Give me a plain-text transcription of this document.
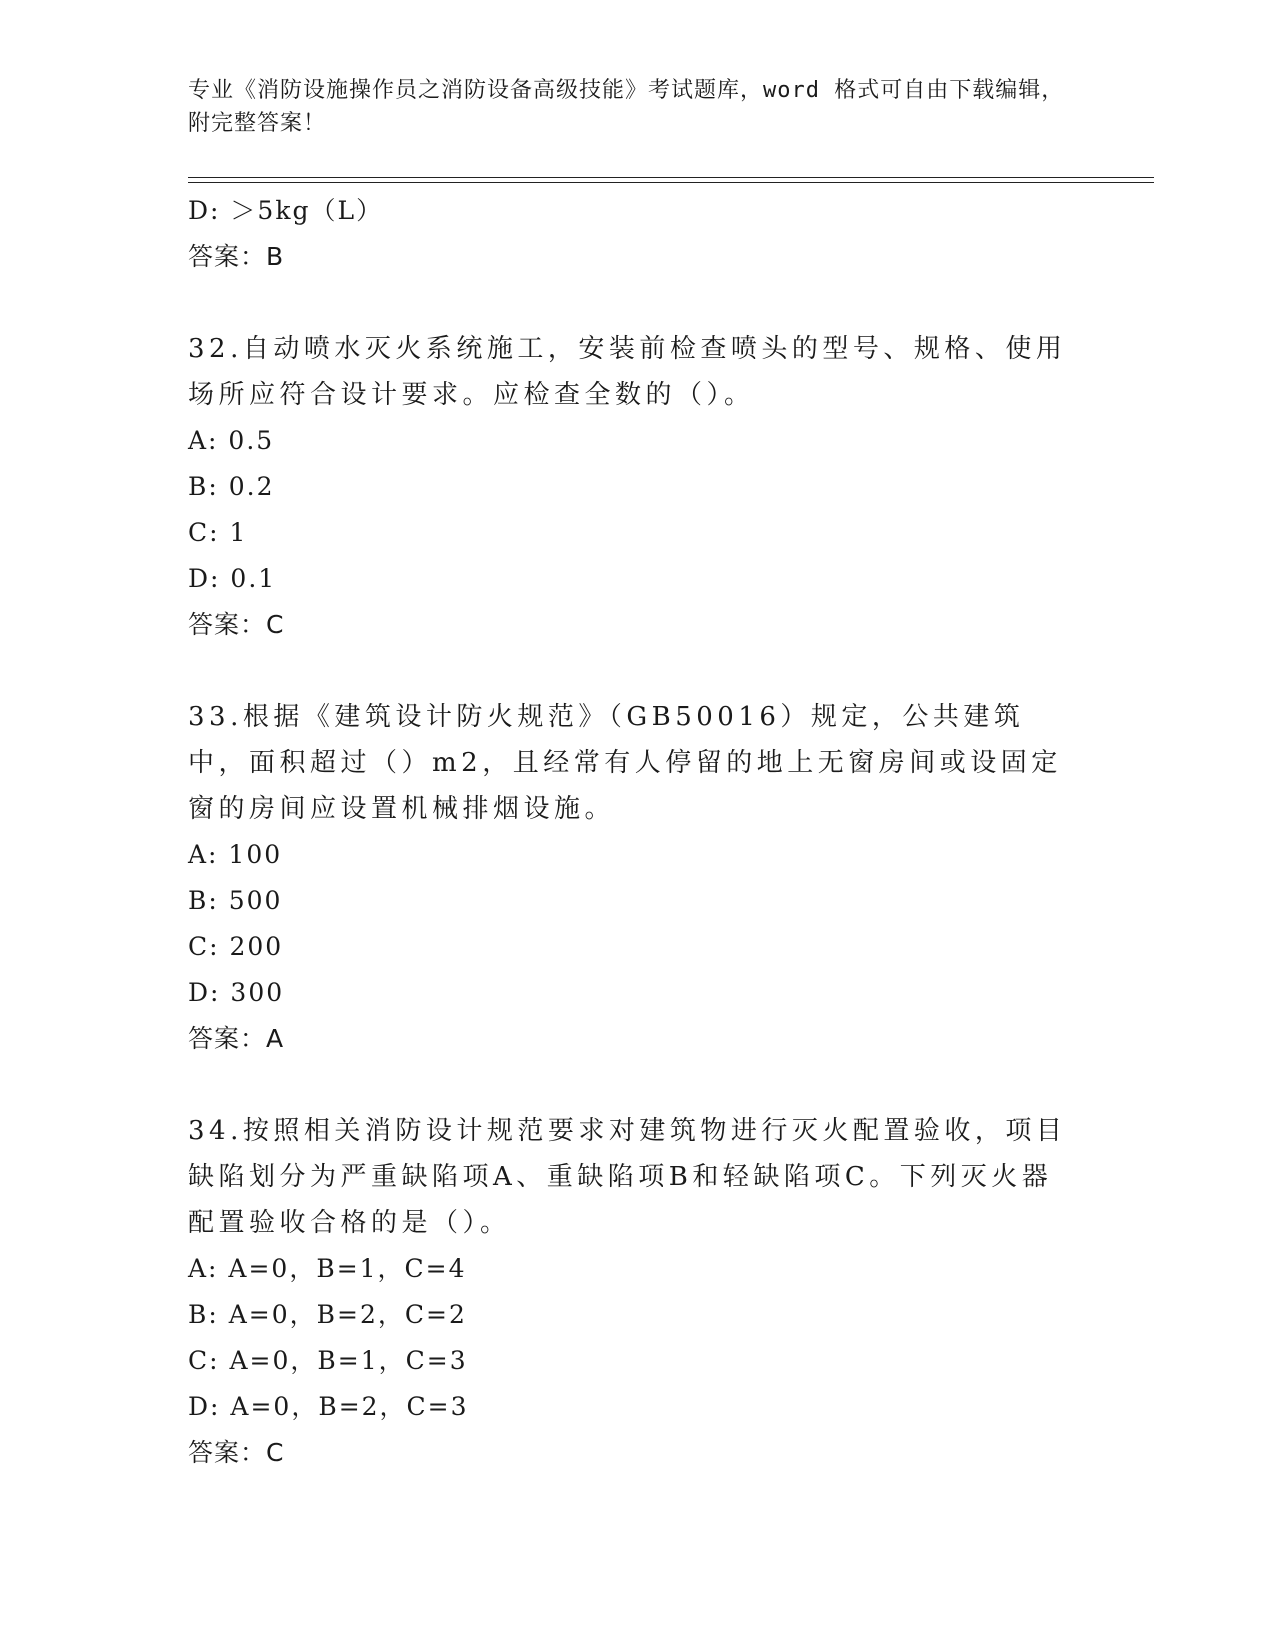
专业《消防设施操作员之消防设备高级技能》考试题库，word 格式可自由下载编辑，附完整答案！
D: ＞5kg（L）
答案：B
32.自动喷水灭火系统施工，安装前检查喷头的型号、规格、使用场所应符合设计要求。应检查全数的（）。
A: 0.5
B: 0.2
C: 1
D: 0.1
答案：C
33.根据《建筑设计防火规范》（GB50016）规定，公共建筑中，面积超过（）m2，且经常有人停留的地上无窗房间或设固定窗的房间应设置机械排烟设施。
A: 100
B: 500
C: 200
D: 300
答案：A
34.按照相关消防设计规范要求对建筑物进行灭火配置验收，项目缺陷划分为严重缺陷项A、重缺陷项B和轻缺陷项C。下列灭火器配置验收合格的是（）。
A: A=0，B=1，C=4
B: A=0，B=2，C=2
C: A=0，B=1，C=3
D: A=0，B=2，C=3
答案：C
